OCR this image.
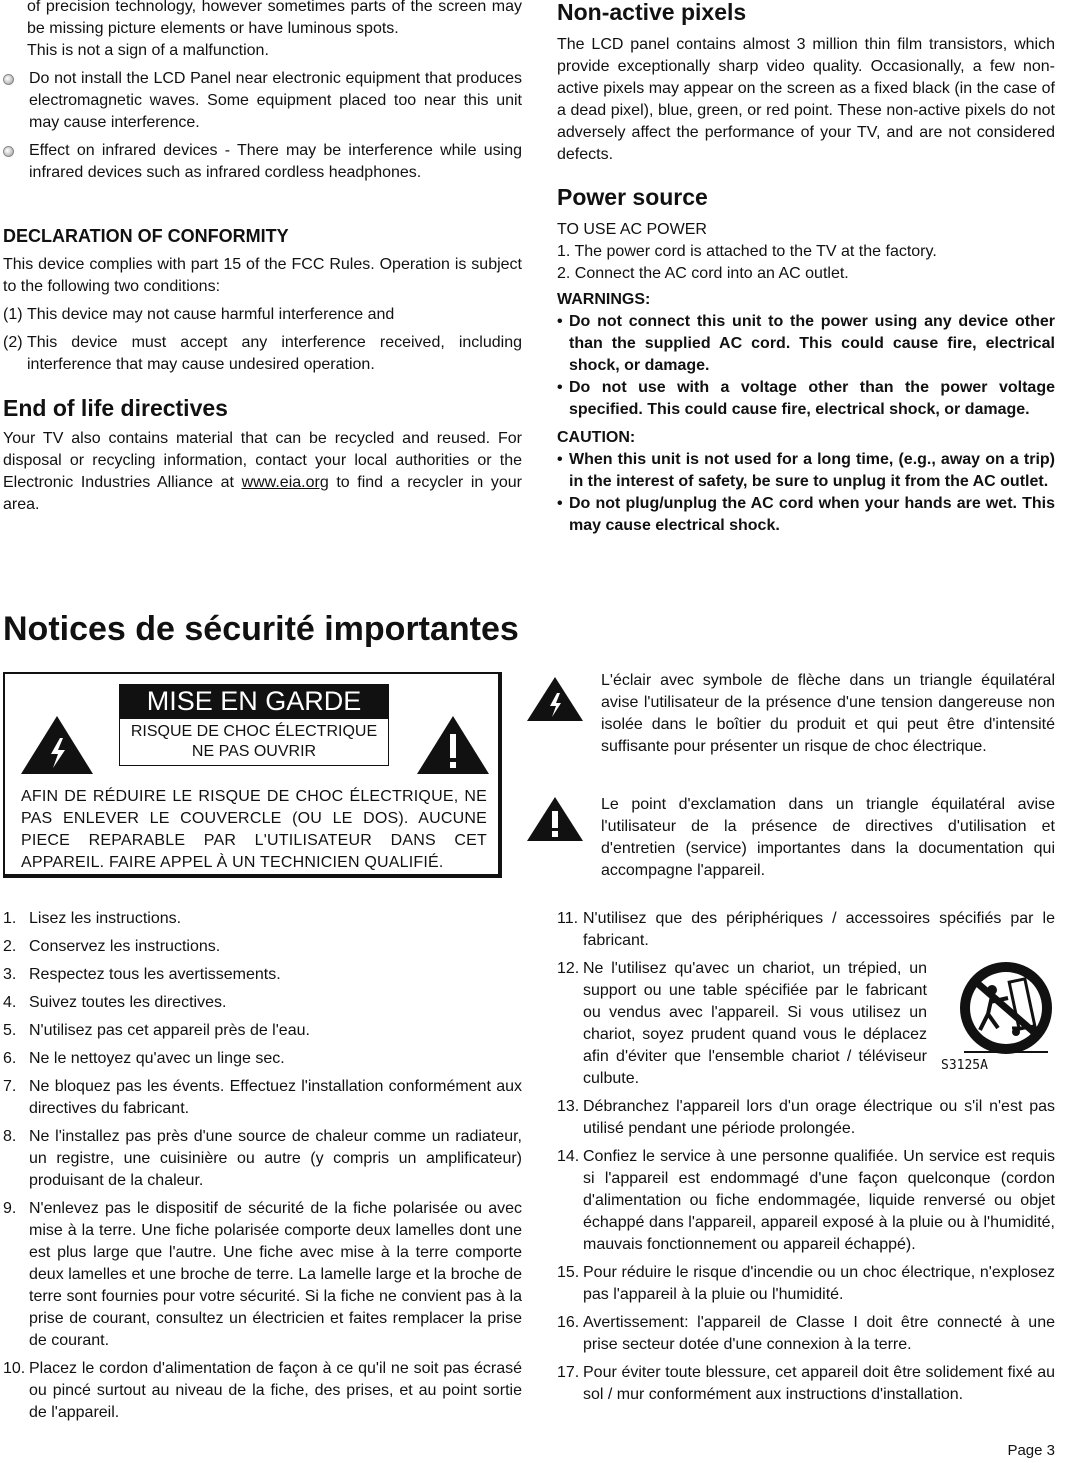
of precision technology, however sometimes parts of the screen may be missing picture elements or have luminous spots.

This is not a sign of a malfunction.

Do not install the LCD Panel near electronic equipment that produces electromagnetic waves. Some equipment placed too near this unit may cause interference.
Effect on infrared devices - There may be interference while using infrared devices such as infrared cordless headphones.
DECLARATION OF CONFORMITY

This device complies with part 15 of the FCC Rules. Operation is subject to the following two conditions:

(1) This device may not cause harmful interference and
(2) This device must accept any interference received, including interference that may cause undesired operation.
End of life directives

Your TV also contains material that can be recycled and reused. For disposal or recycling information, contact your local authorities or the Electronic Industries Alliance at www.eia.org to find a recycler in your area.

Non-active pixels

The LCD panel contains almost 3 million thin film transistors, which provide exceptionally sharp video quality. Occasionally, a few non-active pixels may appear on the screen as a fixed black (in the case of a dead pixel), blue, green, or red point. These non-active pixels do not adversely affect the performance of your TV, and are not considered defects.

Power source

TO USE AC POWER

1. The power cord is attached to the TV at the factory.

2. Connect the AC cord into an AC outlet.

WARNINGS:

• Do not connect this unit to the power using any device other than the supplied AC cord. This could cause fire, electrical shock, or damage.
• Do not use with a voltage other than the power voltage specified. This could cause fire, electrical shock, or damage.

CAUTION:

• When this unit is not used for a long time, (e.g., away on a trip) in the interest of safety, be sure to unplug it from the AC outlet.
• Do not plug/unplug the AC cord when your hands are wet. This may cause electrical shock.
Notices de sécurité importantes
MISE EN GARDE
RISQUE DE CHOC ÉLECTRIQUE
NE PAS OUVRIR

AFIN DE RÉDUIRE LE RISQUE DE CHOC ÉLECTRIQUE, NE PAS ENLEVER LE COUVERCLE (OU LE DOS). AUCUNE PIECE REPARABLE PAR L'UTILISATEUR DANS CET APPAREIL. FAIRE APPEL À UN TECHNICIEN QUALIFIÉ.

L'éclair avec symbole de flèche dans un triangle équilatéral avise l'utilisateur de la présence d'une tension dangereuse non isolée dans le boîtier du produit et qui peut être d'intensité suffisante pour présenter un risque de choc électrique.

Le point d'exclamation dans un triangle équilatéral avise l'utilisateur de la présence de directives d'utilisation et d'entretien (service) importantes dans la documentation qui accompagne l'appareil.

1. Lisez les instructions.
2. Conservez les instructions.
3. Respectez tous les avertissements.
4. Suivez toutes les directives.
5. N'utilisez pas cet appareil près de l'eau.
6. Ne le nettoyez qu'avec un linge sec.
7. Ne bloquez pas les évents. Effectuez l'installation conformément aux directives du fabricant.
8. Ne l'installez pas près d'une source de chaleur comme un radiateur, un registre, une cuisinière ou autre (y compris un amplificateur) produisant de la chaleur.
9. N'enlevez pas le dispositif de sécurité de la fiche polarisée ou avec mise à la terre. Une fiche polarisée comporte deux lamelles dont une est plus large que l'autre. Une fiche avec mise à la terre comporte deux lamelles et une broche de terre. La lamelle large et la broche de terre sont fournies pour votre sécurité. Si la fiche ne convient pas à la prise de courant, consultez un électricien et faites remplacer la prise de courant.
10. Placez le cordon d'alimentation de façon à ce qu'il ne soit pas écrasé ou pincé surtout au niveau de la fiche, des prises, et au point sortie de l'appareil.
11. N'utilisez que des périphériques / accessoires spécifiés par le fabricant.
12. Ne l'utilisez qu'avec un chariot, un trépied, un support ou une table spécifiée par le fabricant ou vendus avec l'appareil. Si vous utilisez un chariot, soyez prudent quand vous le déplacez afin d'éviter que l'ensemble chariot / téléviseur culbute.
13. Débranchez l'appareil lors d'un orage électrique ou s'il n'est pas utilisé pendant une période prolongée.
14. Confiez le service à une personne qualifiée. Un service est requis si l'appareil est endommagé d'une façon quelconque (cordon d'alimentation ou fiche endommagée, liquide renversé ou objet échappé dans l'appareil, appareil exposé à la pluie ou à l'humidité, mauvais fonctionnement ou appareil échappé).
15. Pour réduire le risque d'incendie ou un choc électrique, n'explosez pas l'appareil à la pluie ou l'humidité.
16. Avertissement: l'appareil de Classe I doit être connecté à une prise secteur dotée d'une connexion à la terre.
17. Pour éviter toute blessure, cet appareil doit être solidement fixé au sol / mur conformément aux instructions d'installation.
S3125A
Page 3
